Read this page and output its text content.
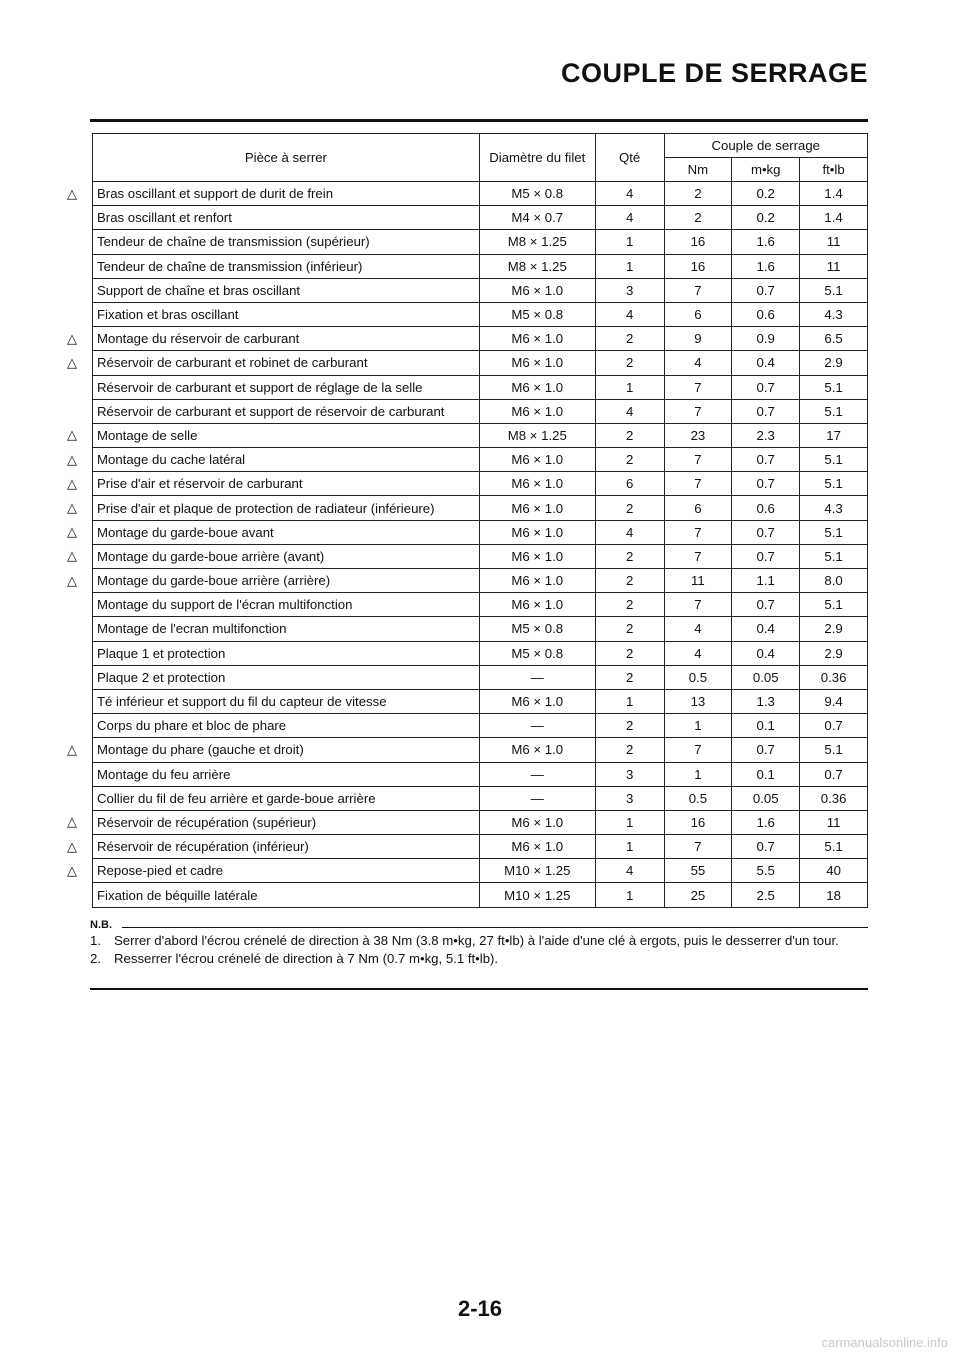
COUPLE DE SERRAGE
Pièce à serrer	Diamètre du filet	Qté	Couple de serrage		
			Nm	m•kg	ft•lb

△ Bras oscillant et support de durit de frein	M5 × 0.8	4	2	0.2	1.4

Bras oscillant et renfort	M4 × 0.7	4	2	0.2	1.4

Tendeur de chaîne de transmission (supérieur)	M8 × 1.25	1	16	1.6	11

Tendeur de chaîne de transmission (inférieur)	M8 × 1.25	1	16	1.6	11

Support de chaîne et bras oscillant	M6 × 1.0	3	7	0.7	5.1

Fixation et bras oscillant	M5 × 0.8	4	6	0.6	4.3

△ Montage du réservoir de carburant	M6 × 1.0	2	9	0.9	6.5

△ Réservoir de carburant et robinet de carburant	M6 × 1.0	2	4	0.4	2.9

Réservoir de carburant et support de réglage de la selle	M6 × 1.0	1	7	0.7	5.1

Réservoir de carburant et support de réservoir de carburant	M6 × 1.0	4	7	0.7	5.1

△ Montage de selle	M8 × 1.25	2	23	2.3	17

△ Montage du cache latéral	M6 × 1.0	2	7	0.7	5.1

△ Prise d'air et réservoir de carburant	M6 × 1.0	6	7	0.7	5.1

△ Prise d'air et plaque de protection de radiateur (inférieure)	M6 × 1.0	2	6	0.6	4.3

△ Montage du garde-boue avant	M6 × 1.0	4	7	0.7	5.1

△ Montage du garde-boue arrière (avant)	M6 × 1.0	2	7	0.7	5.1

△ Montage du garde-boue arrière (arrière)	M6 × 1.0	2	11	1.1	8.0

Montage du support de l'écran multifonction	M6 × 1.0	2	7	0.7	5.1

Montage de l'ecran multifonction	M5 × 0.8	2	4	0.4	2.9

Plaque 1 et protection	M5 × 0.8	2	4	0.4	2.9

Plaque 2 et protection	—	2	0.5	0.05	0.36

Té inférieur et support du fil du capteur de vitesse	M6 × 1.0	1	13	1.3	9.4

Corps du phare et bloc de phare	—	2	1	0.1	0.7

△ Montage du phare (gauche et droit)	M6 × 1.0	2	7	0.7	5.1

Montage du feu arrière	—	3	1	0.1	0.7

Collier du fil de feu arrière et garde-boue arrière	—	3	0.5	0.05	0.36

△ Réservoir de récupération (supérieur)	M6 × 1.0	1	16	1.6	11

△ Réservoir de récupération (inférieur)	M6 × 1.0	1	7	0.7	5.1

△ Repose-pied et cadre	M10 × 1.25	4	55	5.5	40

Fixation de béquille latérale	M10 × 1.25	1	25	2.5	18
N.B.
1. Serrer d'abord l'écrou crénelé de direction à 38 Nm (3.8 m•kg, 27 ft•lb) à l'aide d'une clé à ergots, puis le desserrer d'un tour.
2. Resserrer l'écrou crénelé de direction à 7 Nm (0.7 m•kg, 5.1 ft•lb).
2-16
carmanualsonline.info
